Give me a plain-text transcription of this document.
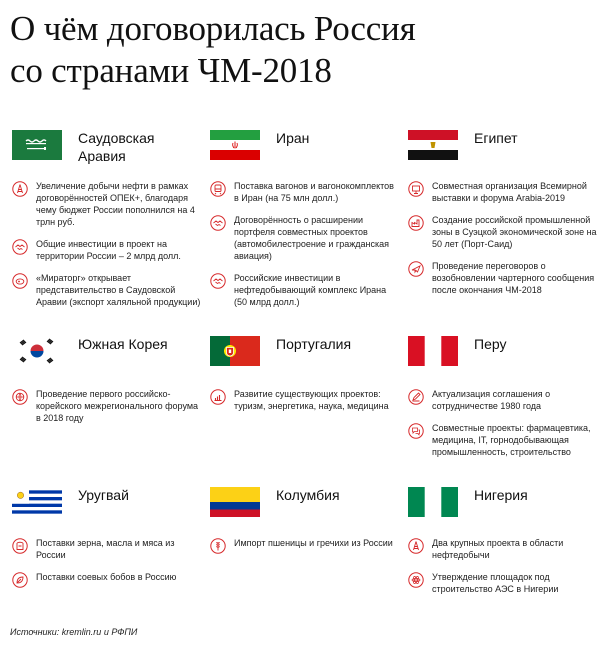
О чём договорилась Россия
со странами ЧМ-2018
Саудовская Аравия
Увеличение добычи нефти в рамках договорённостей ОПЕК+, благодаря чему бюджет России пополнился на 4 трлн руб.
Общие инвестиции в проект на территории России – 2 млрд долл.
«Мираторг» открывает представительство в Саудовской Аравии (экспорт халяльной продукции)
Иран
Поставка вагонов и вагонокомплектов в Иран (на 75 млн долл.)
Договорённость о расширении портфеля совместных проектов (автомобилестроение и гражданская авиация)
Российские инвестиции в нефтедобывающий комплекс Ирана (50 млрд долл.)
Египет
Совместная организация Всемирной выставки и форума Arabia-2019
Создание российской промышленной зоны в Суэцкой экономической зоне на 50 лет (Порт-Саид)
Проведение переговоров о возобновлении чартерного сообщения после окончания ЧМ-2018
Южная Корея
Проведение первого российско-корейского межрегионального форума в 2018 году
Португалия
Развитие существующих проектов: туризм, энергетика, наука, медицина
Перу
Актуализация соглашения о сотрудничестве 1980 года
Совместные проекты: фармацевтика, медицина, IT, горнодобывающая промышленность, строительство
Уругвай
Поставки зерна, масла и мяса из России
Поставки соевых бобов в Россию
Колумбия
Импорт пшеницы и гречихи из России
Нигерия
Два крупных проекта в области нефтедобычи
Утверждение площадок под строительство АЭС в Нигерии
Источники: kremlin.ru и РФПИ
